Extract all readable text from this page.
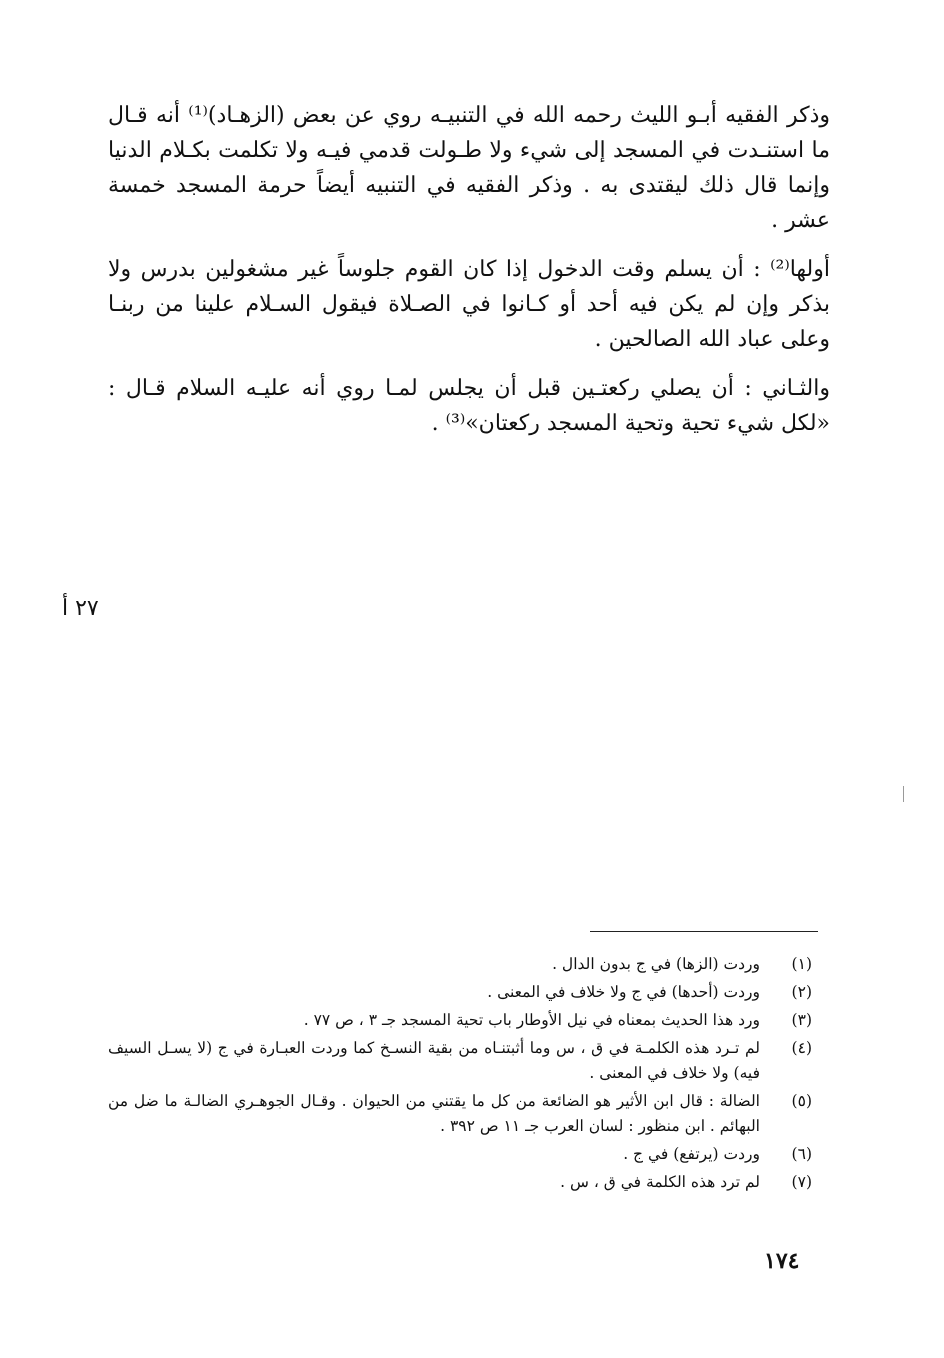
وذكر الفقيه أبـو الليث رحمه الله في التنبيـه روي عن بعض (الزهـاد)⁽¹⁾ أنه قـال ما استنـدت في المسجد إلى شيء ولا طـولت قدمي فيـه ولا تكلمت بكـلام الدنيا وإنما قال ذلك ليقتدى به . وذكر الفقيه في التنبيه أيضاً حرمة المسجد خمسة عشر .

أولها⁽²⁾ : أن يسلم وقت الدخول إذا كان القوم جلوساً غير مشغولين بدرس ولا بذكر وإن لم يكن فيه أحد أو كـانوا في الصـلاة فيقول السـلام علينا من ربنـا وعلى عباد الله الصالحين .

والثـاني : أن يصلي ركعتـين قبل أن يجلس لمـا روي أنه عليـه السلام قـال : «لكل شيء تحية وتحية المسجد ركعتان»⁽³⁾ .

٢٧ أ
(١)
وردت (الزها) في ج بدون الدال .
(٢)
وردت (أحدها) في ج ولا خلاف في المعنى .
(٣)
ورد هذا الحديث بمعناه في نيل الأوطار باب تحية المسجد جـ ٣ ، ص ٧٧ .
(٤)
لم تـرد هذه الكلمـة في ق ، س وما أثبتنـاه من بقية النسـخ كما وردت العبـارة في ج (لا يسـل السيف فيه) ولا خلاف في المعنى .
(٥)
الضالة : قال ابن الأثير هو الضائعة من كل ما يقتني من الحيوان . وقـال الجوهـري الضالـة ما ضل من البهائم . ابن منظور : لسان العرب جـ ١١ ص ٣٩٢ .
(٦)
وردت (يرتفع) في ج .
(٧)
لم ترد هذه الكلمة في ق ، س .
١٧٤
